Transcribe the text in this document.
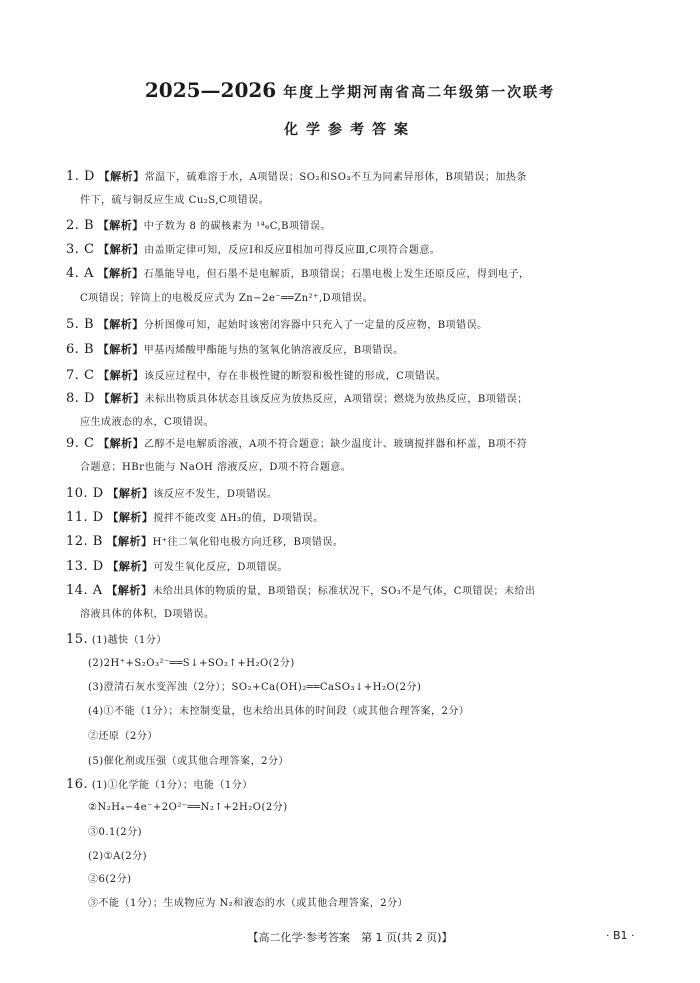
2025—2026 年度上学期河南省高二年级第一次联考
化学参考答案
1. D 【解析】常温下，硫难溶于水，A项错误；SO₂和SO₃不互为同素异形体，B项错误；加热条
件下，硫与铜反应生成 Cu₂S,C项错误。
2. B 【解析】中子数为 8 的碳核素为 ¹⁴₆C,B项错误。
3. C 【解析】由盖斯定律可知，反应Ⅰ和反应Ⅱ相加可得反应Ⅲ,C项符合题意。
4. A 【解析】石墨能导电，但石墨不是电解质，B项错误；石墨电极上发生还原反应，得到电子，
C项错误；锌筒上的电极反应式为 Zn−2e⁻══Zn²⁺,D项错误。
5. B 【解析】分析图像可知，起始时该密闭容器中只充入了一定量的反应物，B项错误。
6. B 【解析】甲基丙烯酸甲酯能与热的氢氧化钠溶液反应，B项错误。
7. C 【解析】该反应过程中，存在非极性键的断裂和极性键的形成，C项错误。
8. D 【解析】未标出物质具体状态且该反应为放热反应，A项错误；燃烧为放热反应，B项错误；
应生成液态的水，C项错误。
9. C 【解析】乙醇不是电解质溶液，A项不符合题意；缺少温度计、玻璃搅拌器和杯盖，B项不符
合题意；HBr也能与 NaOH 溶液反应，D项不符合题意。
10. D 【解析】该反应不发生，D项错误。
11. D 【解析】搅拌不能改变 ΔH₃的值，D项错误。
12. B 【解析】H⁺往二氧化铅电极方向迁移，B项错误。
13. D 【解析】可发生氧化反应，D项错误。
14. A 【解析】未给出具体的物质的量，B项错误；标准状况下，SO₃不是气体，C项错误；未给出
溶液具体的体积，D项错误。
15. (1)越快（1分）
(2)2H⁺+S₂O₃²⁻══S↓+SO₂↑+H₂O(2分)
(3)澄清石灰水变浑浊（2分）；SO₂+Ca(OH)₂══CaSO₃↓+H₂O(2分)
(4)①不能（1分）；未控制变量，也未给出具体的时间段（或其他合理答案，2分）
②还原（2分）
(5)催化剂或压强（或其他合理答案，2分）
16. (1)①化学能（1分）；电能（1分）
②N₂H₄−4e⁻+2O²⁻══N₂↑+2H₂O(2分)
③0.1(2分)
(2)①A(2分)
②6(2分)
③不能（1分）；生成物应为 N₂和液态的水（或其他合理答案，2分）
【高二化学·参考答案　第 1 页(共 2 页)】	· B1 ·
